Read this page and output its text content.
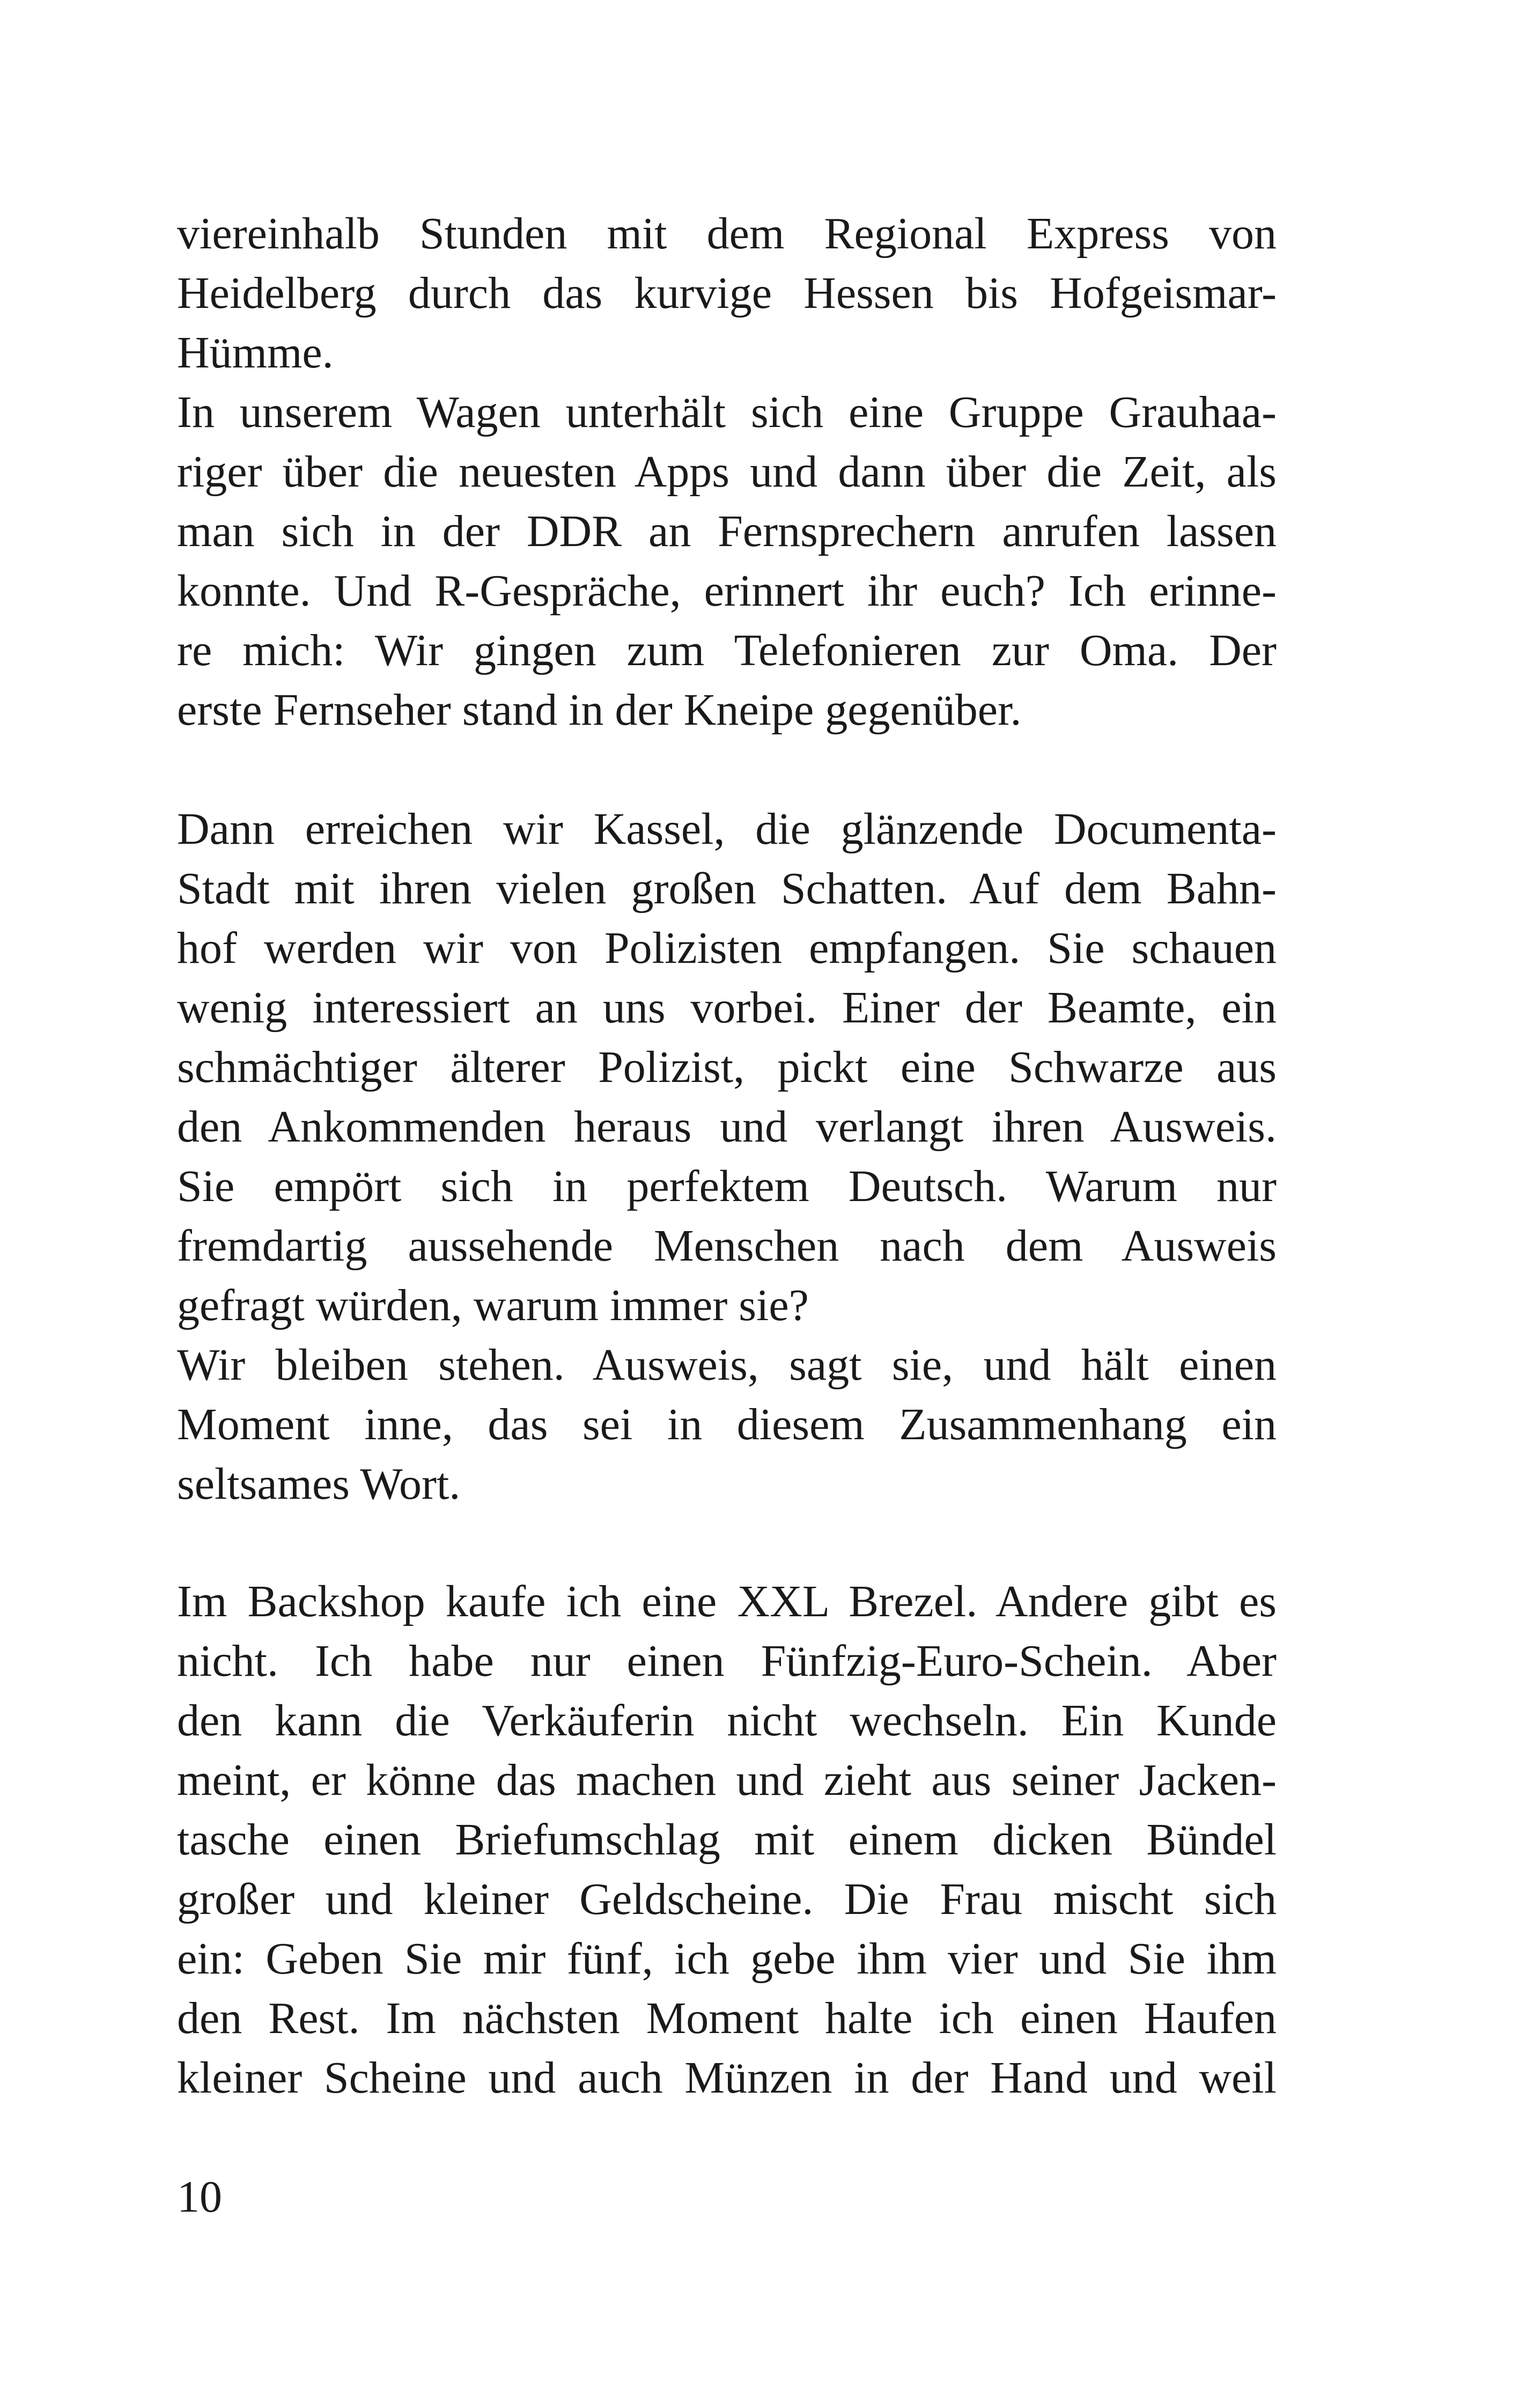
viereinhalb Stunden mit dem Regional Express von
Heidelberg durch das kurvige Hessen bis Hofgeismar-
Hümme.
In unserem Wagen unterhält sich eine Gruppe Grauhaa-
riger über die neuesten Apps und dann über die Zeit, als
man sich in der DDR an Fernsprechern anrufen lassen
konnte. Und R-Gespräche, erinnert ihr euch? Ich erinne-
re mich: Wir gingen zum Telefonieren zur Oma. Der
erste Fernseher stand in der Kneipe gegenüber.
Dann erreichen wir Kassel, die glänzende Documenta-
Stadt mit ihren vielen großen Schatten. Auf dem Bahn-
hof werden wir von Polizisten empfangen. Sie schauen
wenig interessiert an uns vorbei. Einer der Beamte, ein
schmächtiger älterer Polizist, pickt eine Schwarze aus
den Ankommenden heraus und verlangt ihren Ausweis.
Sie empört sich in perfektem Deutsch. Warum nur
fremdartig aussehende Menschen nach dem Ausweis
gefragt würden, warum immer sie?
Wir bleiben stehen. Ausweis, sagt sie, und hält einen
Moment inne, das sei in diesem Zusammenhang ein
seltsames Wort.
Im Backshop kaufe ich eine XXL Brezel. Andere gibt es
nicht. Ich habe nur einen Fünfzig-Euro-Schein. Aber
den kann die Verkäuferin nicht wechseln. Ein Kunde
meint, er könne das machen und zieht aus seiner Jacken-
tasche einen Briefumschlag mit einem dicken Bündel
großer und kleiner Geldscheine. Die Frau mischt sich
ein: Geben Sie mir fünf, ich gebe ihm vier und Sie ihm
den Rest. Im nächsten Moment halte ich einen Haufen
kleiner Scheine und auch Münzen in der Hand und weil
10
